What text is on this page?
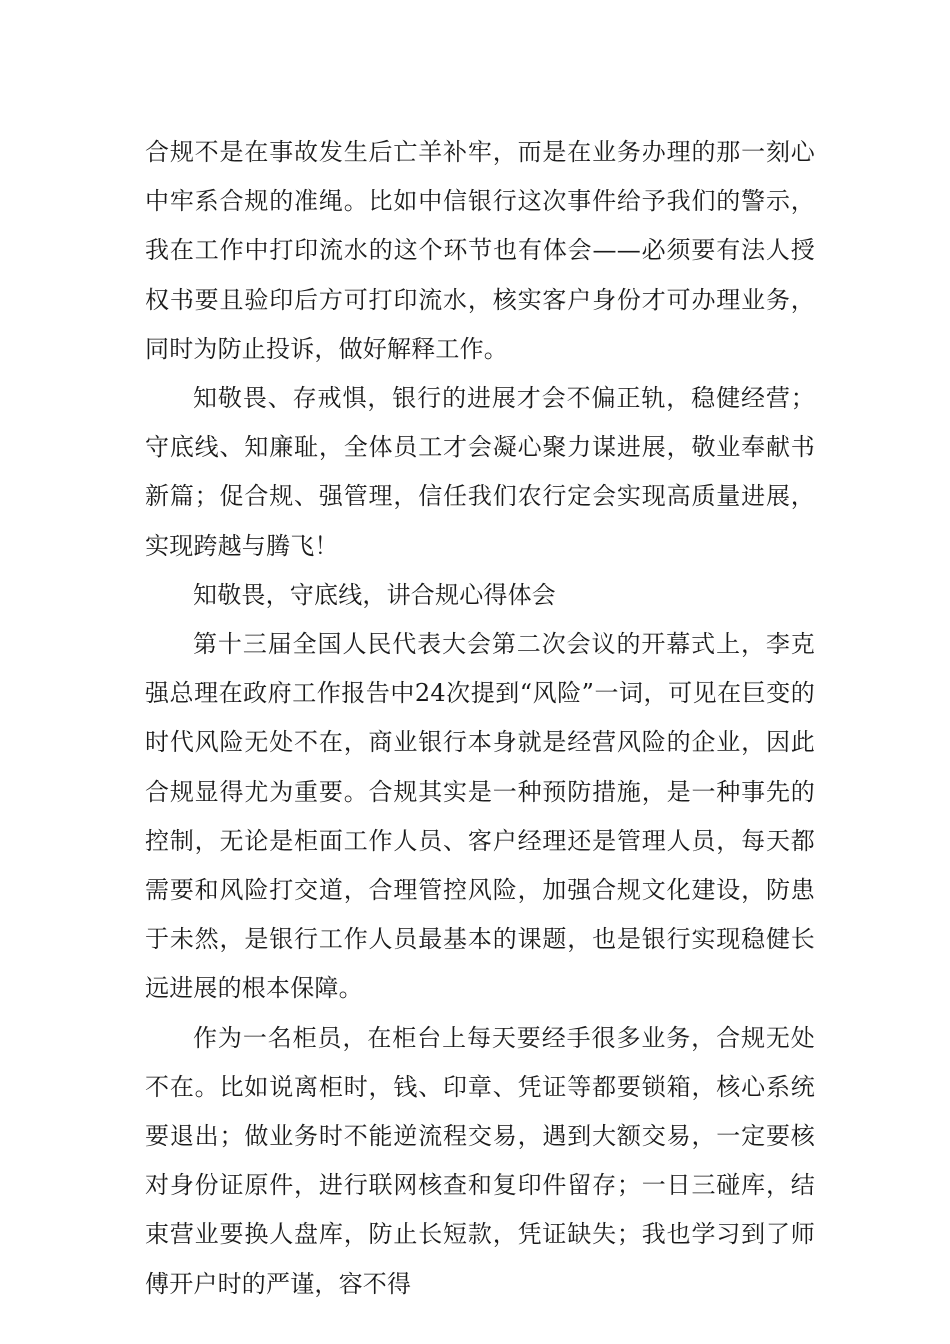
合规不是在事故发生后亡羊补牢，而是在业务办理的那一刻心中牢系合规的准绳。比如中信银行这次事件给予我们的警示，我在工作中打印流水的这个环节也有体会——必须要有法人授权书要且验印后方可打印流水，核实客户身份才可办理业务，同时为防止投诉，做好解释工作。

知敬畏、存戒惧，银行的进展才会不偏正轨，稳健经营；守底线、知廉耻，全体员工才会凝心聚力谋进展，敬业奉献书新篇；促合规、强管理，信任我们农行定会实现高质量进展，实现跨越与腾飞！

知敬畏，守底线，讲合规心得体会

第十三届全国人民代表大会第二次会议的开幕式上，李克强总理在政府工作报告中24次提到“风险”一词，可见在巨变的时代风险无处不在，商业银行本身就是经营风险的企业，因此合规显得尤为重要。合规其实是一种预防措施，是一种事先的控制，无论是柜面工作人员、客户经理还是管理人员，每天都需要和风险打交道，合理管控风险，加强合规文化建设，防患于未然，是银行工作人员最基本的课题，也是银行实现稳健长远进展的根本保障。

作为一名柜员，在柜台上每天要经手很多业务，合规无处不在。比如说离柜时，钱、印章、凭证等都要锁箱，核心系统要退出；做业务时不能逆流程交易，遇到大额交易，一定要核对身份证原件，进行联网核查和复印件留存；一日三碰库，结束营业要换人盘库，防止长短款，凭证缺失；我也学习到了师傅开户时的严谨，容不得
